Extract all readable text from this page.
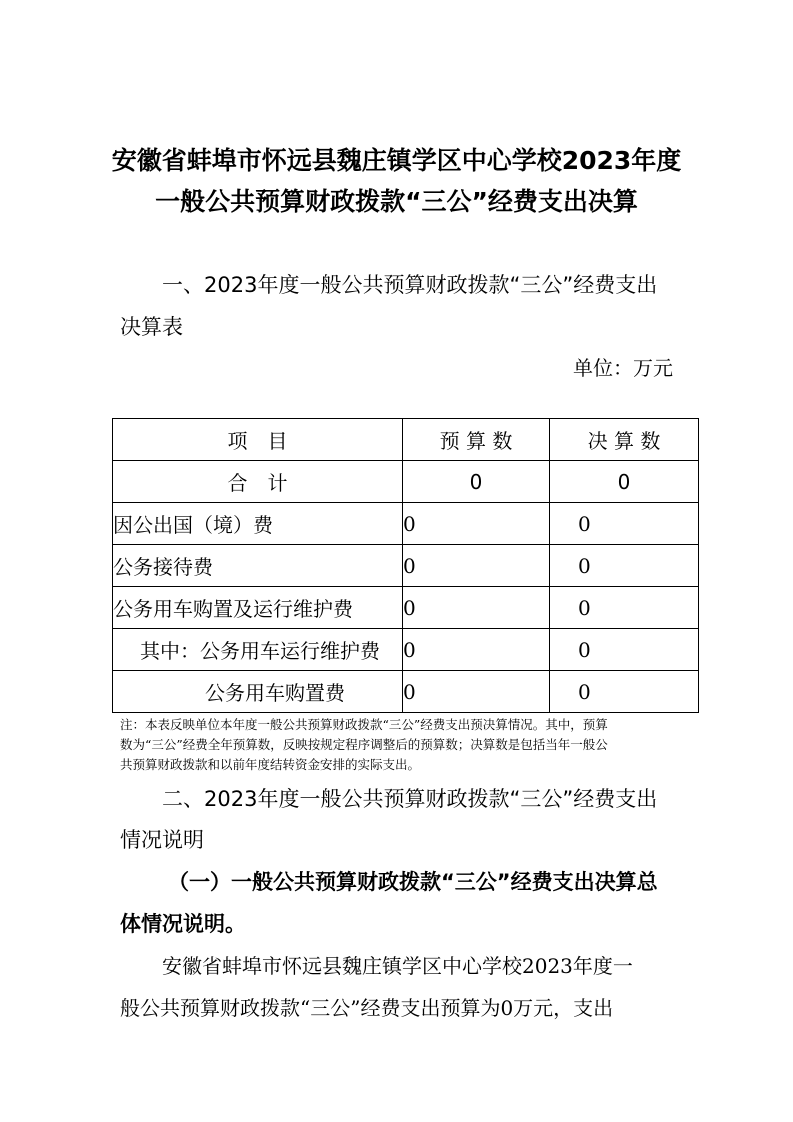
安徽省蚌埠市怀远县魏庄镇学区中心学校2023年度
一般公共预算财政拨款“三公”经费支出决算
一、2023年度一般公共预算财政拨款“三公”经费支出
决算表
单位：万元
项　目	预 算 数	决 算 数
合　计	0	0
因公出国（境）费	0	0
公务接待费	0	0
公务用车购置及运行维护费	0	0
其中：公务用车运行维护费	0	0
公务用车购置费	0	0

注：本表反映单位本年度一般公共预算财政拨款“三公”经费支出预决算情况。其中，预算

数为“三公”经费全年预算数，反映按规定程序调整后的预算数；决算数是包括当年一般公

共预算财政拨款和以前年度结转资金安排的实际支出。

二、2023年度一般公共预算财政拨款“三公”经费支出
情况说明
（一）一般公共预算财政拨款“三公”经费支出决算总
体情况说明。
安徽省蚌埠市怀远县魏庄镇学区中心学校2023年度一
般公共预算财政拨款“三公”经费支出预算为0万元，支出
